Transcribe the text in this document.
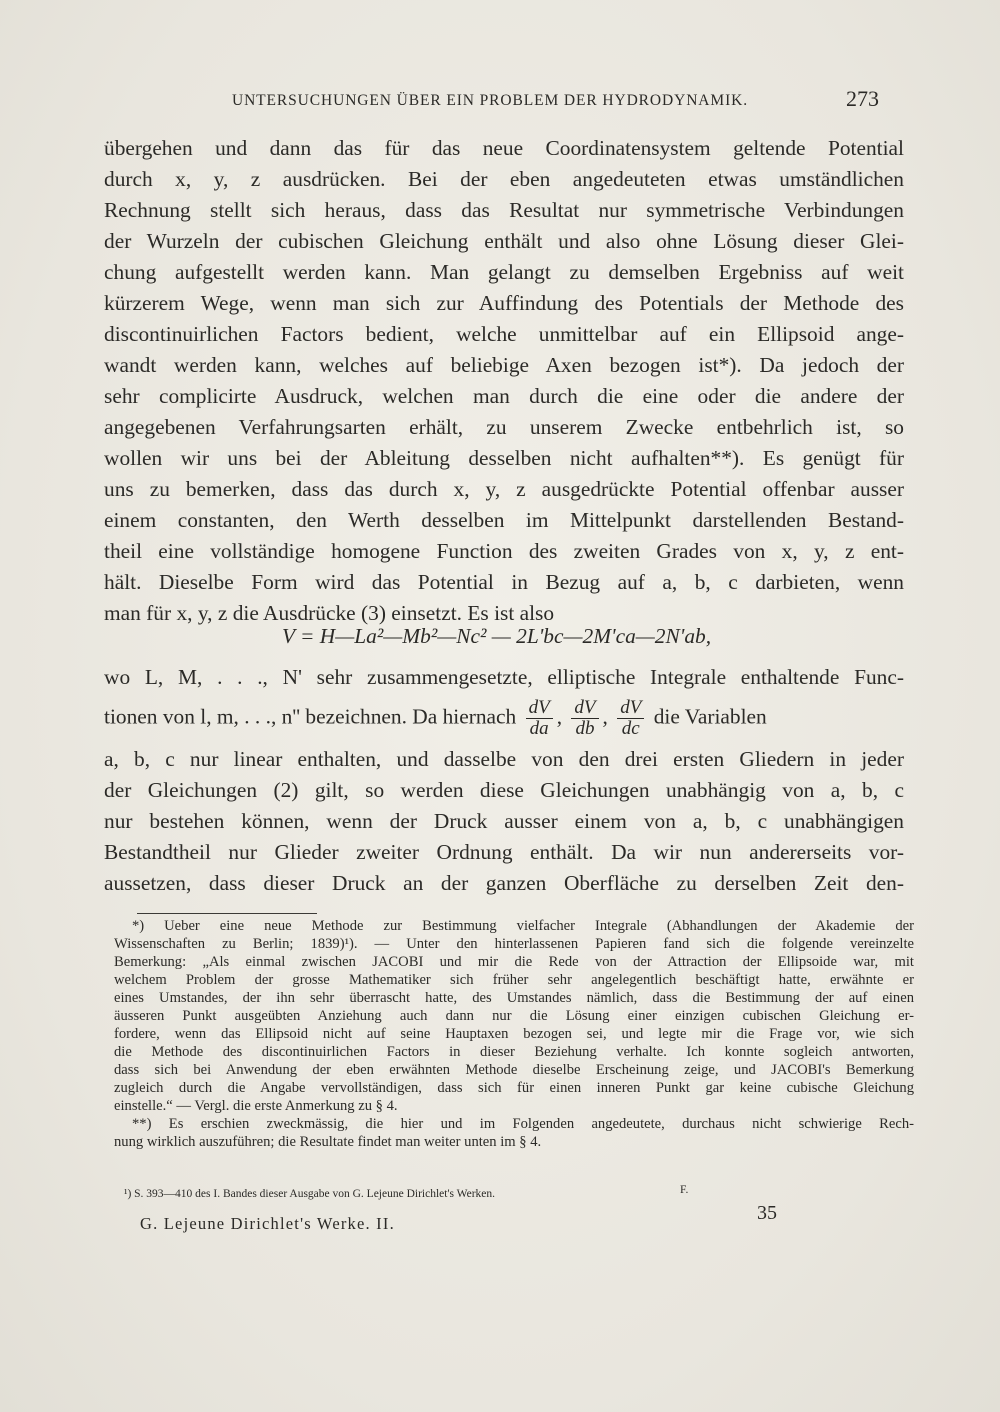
UNTERSUCHUNGEN ÜBER EIN PROBLEM DER HYDRODYNAMIK.	273
übergehen und dann das für das neue Coordinatensystem geltende Potential
durch x, y, z ausdrücken. Bei der eben angedeuteten etwas umständlichen
Rechnung stellt sich heraus, dass das Resultat nur symmetrische Verbindungen
der Wurzeln der cubischen Gleichung enthält und also ohne Lösung dieser Glei-
chung aufgestellt werden kann. Man gelangt zu demselben Ergebniss auf weit
kürzerem Wege, wenn man sich zur Auffindung des Potentials der Methode des
discontinuirlichen Factors bedient, welche unmittelbar auf ein Ellipsoid ange-
wandt werden kann, welches auf beliebige Axen bezogen ist*). Da jedoch der
sehr complicirte Ausdruck, welchen man durch die eine oder die andere der
angegebenen Verfahrungsarten erhält, zu unserem Zwecke entbehrlich ist, so
wollen wir uns bei der Ableitung desselben nicht aufhalten**). Es genügt für
uns zu bemerken, dass das durch x, y, z ausgedrückte Potential offenbar ausser
einem constanten, den Werth desselben im Mittelpunkt darstellenden Bestand-
theil eine vollständige homogene Function des zweiten Grades von x, y, z ent-
hält. Dieselbe Form wird das Potential in Bezug auf a, b, c darbieten, wenn
man für x, y, z die Ausdrücke (3) einsetzt. Es ist also
V = H—La²—Mb²—Nc² — 2L'bc—2M'ca—2N'ab,
wo L, M, . . ., N' sehr zusammengesetzte, elliptische Integrale enthaltende Func-
tionen von l, m, . . ., n'' bezeichnen. Da hiernach $\frac{dV}{da}$ , $\frac{dV}{db}$ , $\frac{dV}{dc}$ die Variablen
a, b, c nur linear enthalten, und dasselbe von den drei ersten Gliedern in jeder
der Gleichungen (2) gilt, so werden diese Gleichungen unabhängig von a, b, c
nur bestehen können, wenn der Druck ausser einem von a, b, c unabhängigen
Bestandtheil nur Glieder zweiter Ordnung enthält. Da wir nun andererseits vor-
aussetzen, dass dieser Druck an der ganzen Oberfläche zu derselben Zeit den-
*) Ueber eine neue Methode zur Bestimmung vielfacher Integrale (Abhandlungen der Akademie der
Wissenschaften zu Berlin; 1839)¹). — Unter den hinterlassenen Papieren fand sich die folgende vereinzelte
Bemerkung: „Als einmal zwischen JACOBI und mir die Rede von der Attraction der Ellipsoide war, mit
welchem Problem der grosse Mathematiker sich früher sehr angelegentlich beschäftigt hatte, erwähnte er
eines Umstandes, der ihn sehr überrascht hatte, des Umstandes nämlich, dass die Bestimmung der auf einen
äusseren Punkt ausgeübten Anziehung auch dann nur die Lösung einer einzigen cubischen Gleichung er-
fordere, wenn das Ellipsoid nicht auf seine Hauptaxen bezogen sei, und legte mir die Frage vor, wie sich
die Methode des discontinuirlichen Factors in dieser Beziehung verhalte. Ich konnte sogleich antworten,
dass sich bei Anwendung der eben erwähnten Methode dieselbe Erscheinung zeige, und JACOBI's Bemerkung
zugleich durch die Angabe vervollständigen, dass sich für einen inneren Punkt gar keine cubische Gleichung
einstelle.“ — Vergl. die erste Anmerkung zu § 4.
**) Es erschien zweckmässig, die hier und im Folgenden angedeutete, durchaus nicht schwierige Rech-
nung wirklich auszuführen; die Resultate findet man weiter unten im § 4.
¹) S. 393—410 des I. Bandes dieser Ausgabe von G. Lejeune Dirichlet's Werken.	F.
G. Lejeune Dirichlet's Werke. II.	35
